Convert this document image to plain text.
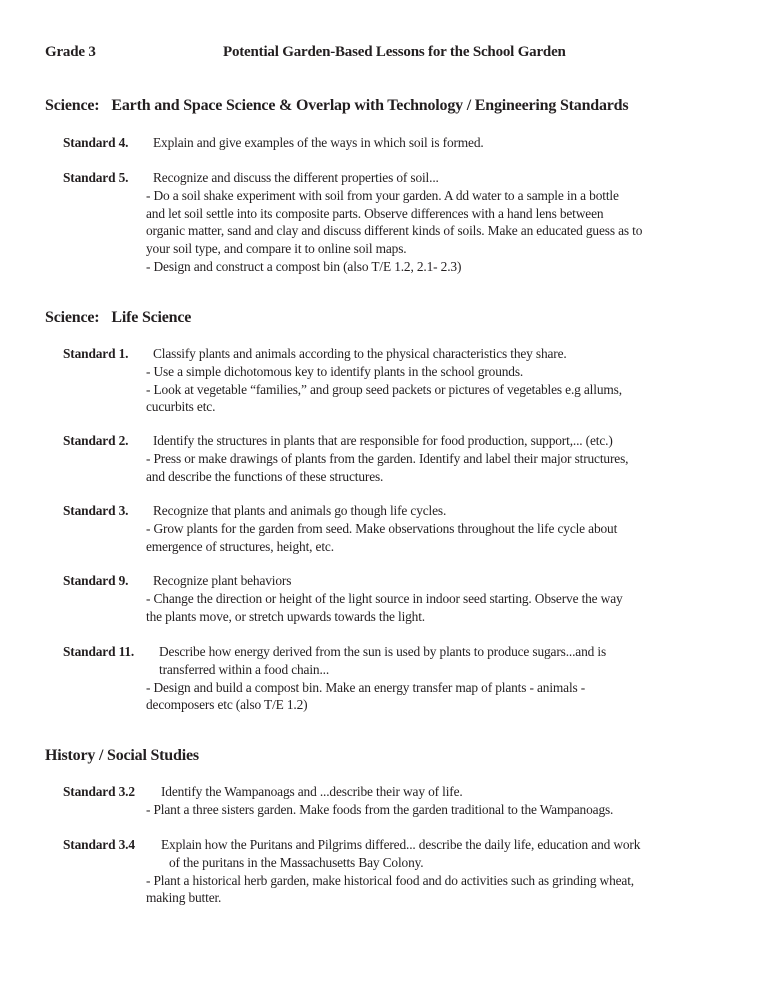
Grade 3	Potential Garden-Based Lessons for the School Garden
Science: Earth and Space Science & Overlap with Technology / Engineering Standards
Standard 4. Explain and give examples of the ways in which soil is formed.
Standard 5. Recognize and discuss the different properties of soil...
- Do a soil shake experiment with soil from your garden. A dd water to a sample in a bottle
and let soil settle into its composite parts. Observe differences with a hand lens between
organic matter, sand and clay and discuss different kinds of soils. Make an educated guess as to
your soil type, and compare it to online soil maps.
- Design and construct a compost bin (also T/E 1.2, 2.1- 2.3)
Science: Life Science
Standard 1. Classify plants and animals according to the physical characteristics they share.
- Use a simple dichotomous key to identify plants in the school grounds.
- Look at vegetable “families,” and group seed packets or pictures of vegetables e.g allums,
cucurbits etc.
Standard 2. Identify the structures in plants that are responsible for food production, support,... (etc.)
- Press or make drawings of plants from the garden. Identify and label their major structures,
and describe the functions of these structures.
Standard 3. Recognize that plants and animals go though life cycles.
- Grow plants for the garden from seed. Make observations throughout the life cycle about
emergence of structures, height, etc.
Standard 9. Recognize plant behaviors
- Change the direction or height of the light source in indoor seed starting. Observe the way
the plants move, or stretch upwards towards the light.
Standard 11. Describe how energy derived from the sun is used by plants to produce sugars...and is
transferred within a food chain...
- Design and build a compost bin. Make an energy transfer map of plants - animals -
decomposers etc (also T/E 1.2)
History / Social Studies
Standard 3.2 Identify the Wampanoags and ...describe their way of life.
- Plant a three sisters garden. Make foods from the garden traditional to the Wampanoags.
Standard 3.4 Explain how the Puritans and Pilgrims differed... describe the daily life, education and work
of the puritans in the Massachusetts Bay Colony.
- Plant a historical herb garden, make historical food and do activities such as grinding wheat,
making butter.
